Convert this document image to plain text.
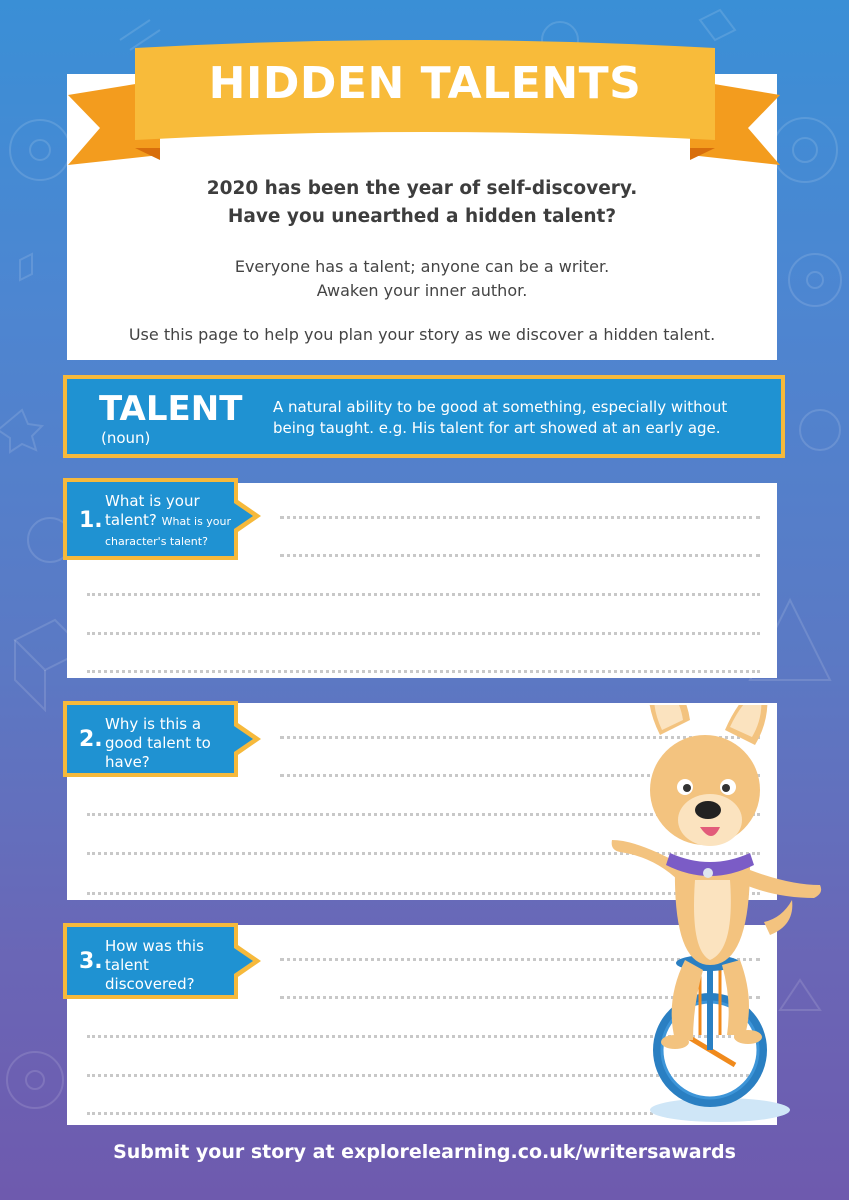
HIDDEN TALENTS
2020 has been the year of self-discovery.
Have you unearthed a hidden talent?
Everyone has a talent; anyone can be a writer.
Awaken your inner author.
Use this page to help you plan your story as we discover a hidden talent.
TALENT
(noun)
A natural ability to be good at something, especially without being taught. e.g. His talent for art showed at an early age.
1.
What is your talent? What is your character's talent?
2.
Why is this a good talent to have?
3.
How was this talent discovered?
Submit your story at explorelearning.co.uk/writersawards
